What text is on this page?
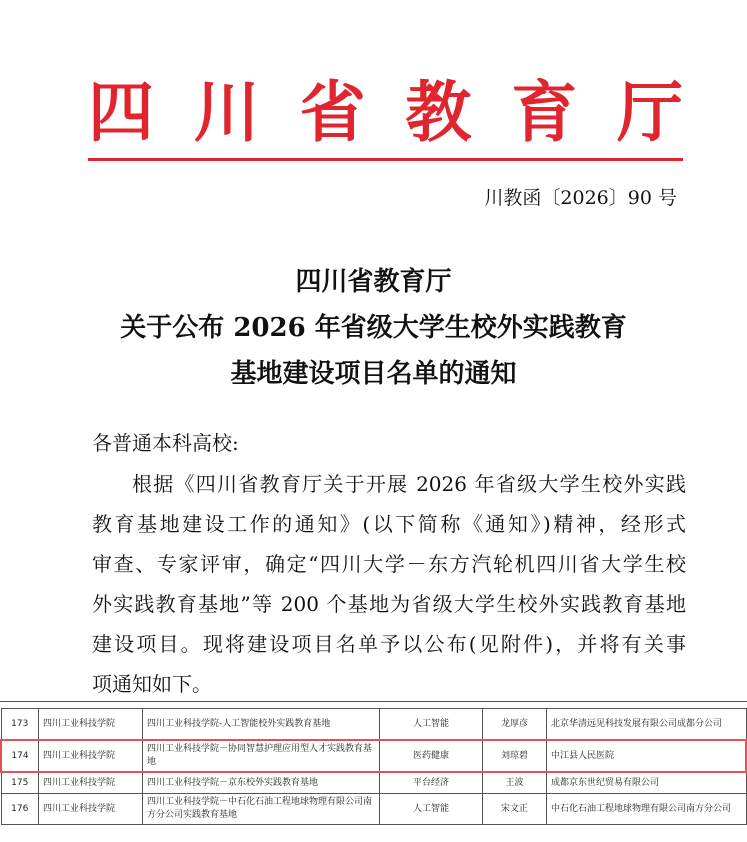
四 川 省 教 育 厅
川教函〔2026〕90 号
四川省教育厅
关于公布 2026 年省级大学生校外实践教育
基地建设项目名单的通知
各普通本科高校:
根据《四川省教育厅关于开展 2026 年省级大学生校外实践
教育基地建设工作的通知》(以下简称《通知》)精神，经形式
审查、专家评审，确定“四川大学－东方汽轮机四川省大学生校
外实践教育基地”等 200 个基地为省级大学生校外实践教育基地
建设项目。现将建设项目名单予以公布(见附件)，并将有关事
项通知如下。
173	四川工业科技学院	四川工业科技学院-人工智能校外实践教育基地	人工智能	龙厚彦	北京华清远见科技发展有限公司成都分公司
174	四川工业科技学院	四川工业科技学院－协同智慧护理应用型人才实践教育基地	医药健康	刘琼碧	中江县人民医院
175	四川工业科技学院	四川工业科技学院－京东校外实践教育基地	平台经济	王波	成都京东世纪贸易有限公司
176	四川工业科技学院	四川工业科技学院－中石化石油工程地球物理有限公司南方分公司实践教育基地	人工智能	宋文正	中石化石油工程地球物理有限公司南方分公司
